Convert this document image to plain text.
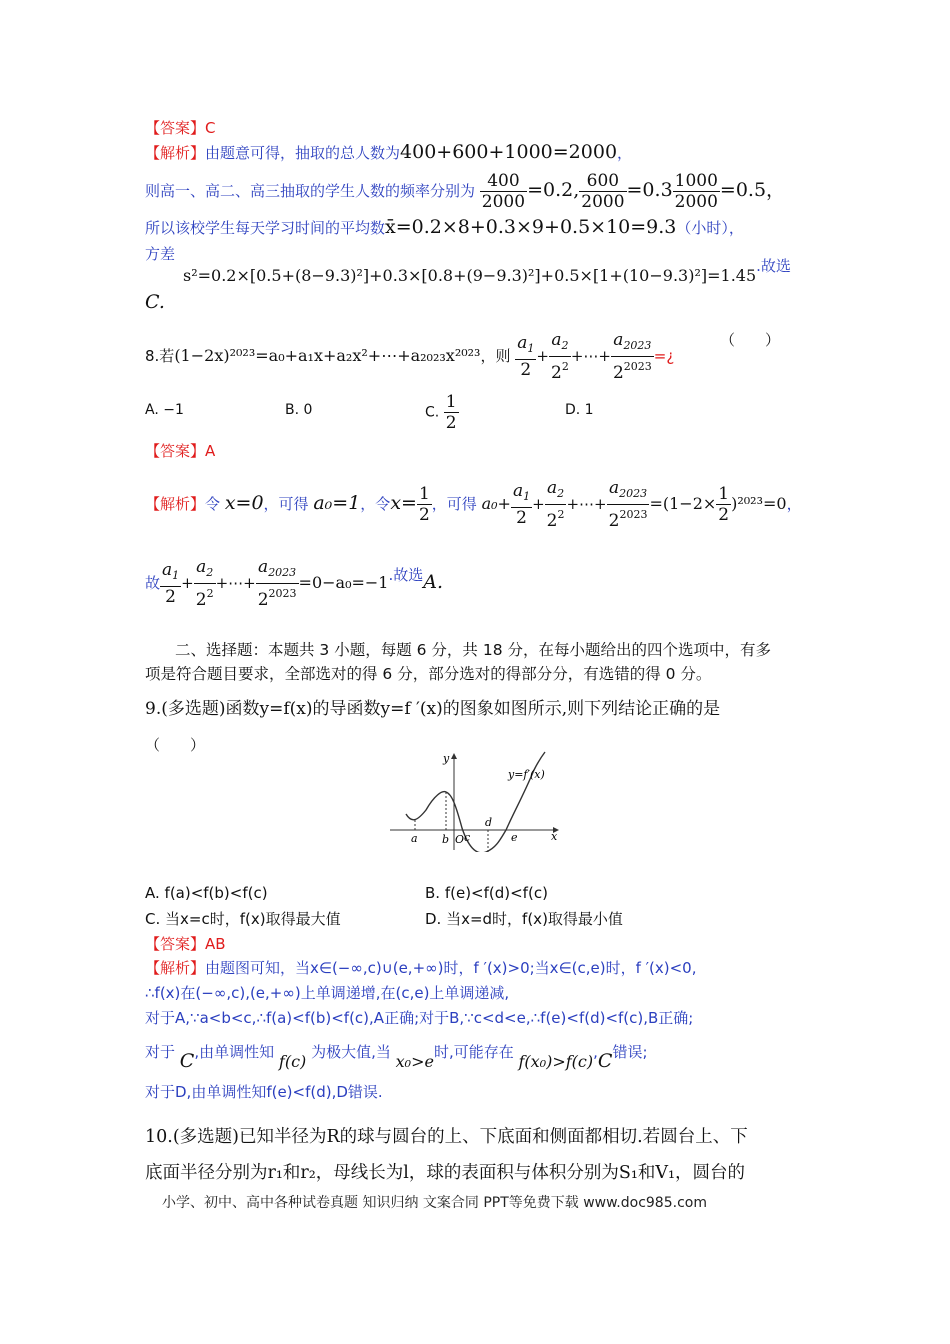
【答案】C
【解析】由题意可得，抽取的总人数为400+600+1000=2000，
则高一、高二、高三抽取的学生人数的频率分别为 $\frac{400}{2000} =0.2$, $\frac{600}{2000} =0.3 \frac{1000}{2000} =0.5$，
所以该校学生每天学习时间的平均数x̄=0.2×8+0.3×9+0.5×10=9.3（小时），
方差
s²=0.2×[0.5+(8−9.3)²]+0.3×[0.8+(9−9.3)²]+0.5×[1+(10−9.3)²]=1.45.故选
C.
8.若(1−2x)²⁰²³=a₀+a₁x+a₂x²+⋯+a₂₀₂₃x²⁰²³，则 $\frac{a_1}{2} + \frac{a_2}{2^2}$ +⋯+ $\frac{a_{2023}}{2^{2023}}$ =¿
（　　）
A. −1	B. 0	C. $\frac{1}{2}$	D. 1
【答案】A
【解析】令 x=0，可得 a₀=1，令$x= \frac{1}{2}$ ，可得 $a_0+ \frac{a_1}{2} + \frac{a_2}{2^2}$ +⋯+ $\frac{a_{2023}}{2^{2023}} =(1-2\times \frac{1}{2} )^{2023}=0$，
故 $\frac{a_1}{2} + \frac{a_2}{2^2}$ +⋯+ $\frac{a_{2023}}{2^{2023}} =0-a_0=-1$.故选A.
二、选择题：本题共 3 小题，每题 6 分，共 18 分，在每小题给出的四个选项中，有多
项是符合题目要求，全部选对的得 6 分，部分选对的得部分分，有选错的得 0 分。
9.(多选题)函数y=f(x)的导函数y=f ′(x)的图象如图所示,则下列结论正确的是
（　　）
y
x
y=f′(x)
a b O c
d
e
A. f(a)<f(b)<f(c)	B. f(e)<f(d)<f(c)
C. 当x=c时，f(x)取得最大值	D. 当x=d时，f(x)取得最小值
【答案】AB
【解析】由题图可知，当x∈(−∞,c)∪(e,+∞)时，f ′(x)>0;当x∈(c,e)时，f ′(x)<0,
∴f(x)在(−∞,c),(e,+∞)上单调递增,在(c,e)上单调递减,
对于A,∵a<b<c,∴f(a)<f(b)<f(c),A正确;对于B,∵c<d<e,∴f(e)<f(d)<f(c),B正确;
对于 C,由单调性知 f(c) 为极大值,当 x₀>e时,可能存在 f(x₀)>f(c),C错误;
对于D,由单调性知f(e)<f(d),D错误.
10.(多选题)已知半径为R的球与圆台的上、下底面和侧面都相切.若圆台上、下
底面半径分别为r₁和r₂，母线长为l，球的表面积与体积分别为S₁和V₁，圆台的
小学、初中、高中各种试卷真题 知识归纳 文案合同 PPT等免费下载 www.doc985.com
